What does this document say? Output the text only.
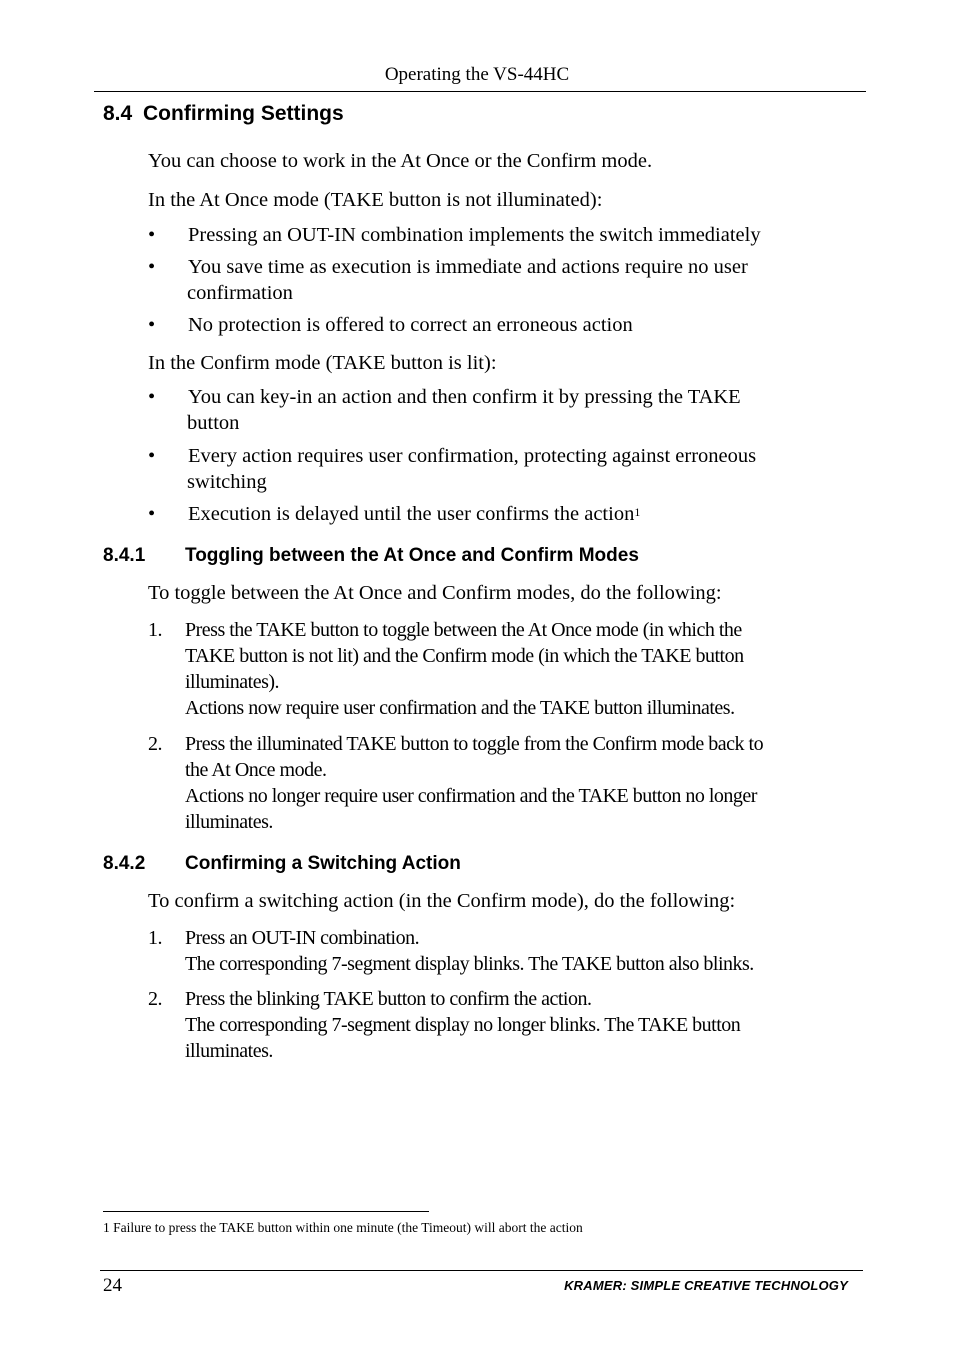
Operating the VS-44HC
8.4 Confirming Settings
You can choose to work in the At Once or the Confirm mode.
In the At Once mode (TAKE button is not illuminated):
•	Pressing an OUT-IN combination implements the switch immediately
•	You save time as execution is immediate and actions require no user
confirmation
•	No protection is offered to correct an erroneous action
In the Confirm mode (TAKE button is lit):
•	You can key-in an action and then confirm it by pressing the TAKE
button
•	Every action requires user confirmation, protecting against erroneous
switching
•	Execution is delayed until the user confirms the action$^1$
8.4.1 Toggling between the At Once and Confirm Modes
To toggle between the At Once and Confirm modes, do the following:
1. Press the TAKE button to toggle between the At Once mode (in which the
TAKE button is not lit) and the Confirm mode (in which the TAKE button
illuminates).
Actions now require user confirmation and the TAKE button illuminates.
2. Press the illuminated TAKE button to toggle from the Confirm mode back to
the At Once mode.
Actions no longer require user confirmation and the TAKE button no longer
illuminates.
8.4.2 Confirming a Switching Action
To confirm a switching action (in the Confirm mode), do the following:
1. Press an OUT-IN combination.
The corresponding 7-segment display blinks. The TAKE button also blinks.
2. Press the blinking TAKE button to confirm the action.
The corresponding 7-segment display no longer blinks. The TAKE button
illuminates.
1 Failure to press the TAKE button within one minute (the Timeout) will abort the action
24	KRAMER: SIMPLE CREATIVE TECHNOLOGY
